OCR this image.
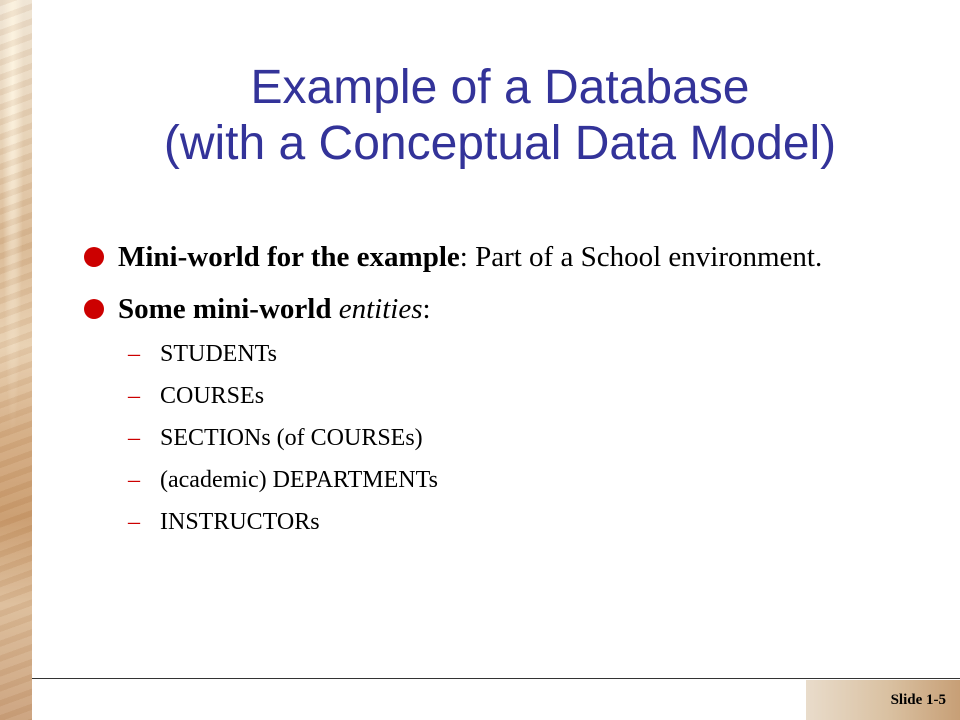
Example of a Database
(with a Conceptual Data Model)
Mini-world for the example: Part of a School environment.
Some mini-world entities:
– STUDENTs
– COURSEs
– SECTIONs (of COURSEs)
– (academic) DEPARTMENTs
– INSTRUCTORs
Slide 1-5
